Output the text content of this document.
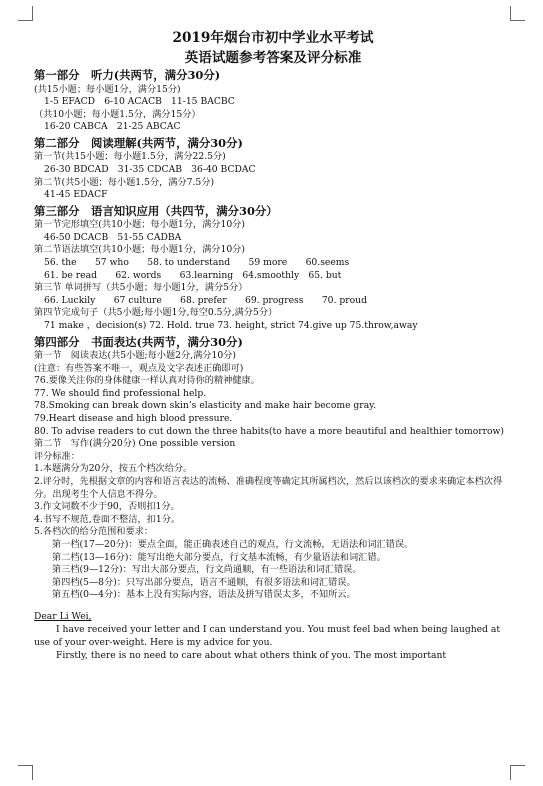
2019年烟台市初中学业水平考试
英语试题参考答案及评分标准
第一部分　听力(共两节，满分30分)
(共15小题；每小题1分，满分15分)
1-5 EFACD　6-10 ACACB　11-15 BACBC
（共10小题；每小题1.5分，满分15分）
16-20 CABCA　21-25 ABCAC
第二部分　阅读理解(共两节，满分30分)
第一节(共15小题；每小题1.5分，满分22.5分)
26-30 BDCAD　31-35 CDCAB　36-40 BCDAC
第二节(共5小题；每小题1.5分，满分7.5分)
41-45 EDACF
第三部分　语言知识应用（共四节，满分30分）
第一节完形填空(共10小题；每小题1分，满分10分)
46-50 DCACB　51-55 CADBA
第二节语法填空(共10小题；每小题1分，满分10分)
56. the　　57 who　　58. to understand　　59 more　　60.seems
61. be read　　62. words　　63.learning　64.smoothly　65. but
第三节 单词拼写（共5小题；每小题1分，满分5分）
66. Luckily　　67 culture　　68. prefer　　69. progress　　70. proud
第四节完成句子（共5小题;每小题1分,每空0.5分,满分5分）
71 make ，decision(s) 72. Hold. true 73. height, strict 74.give up 75.throw,away
第四部分　书面表达(共两节，满分30分)
第一节　阅读表达(共5小题;每小题2分,满分10分)
(注意：有些答案不唯一，观点及文字表述正确即可)
76.要像关注你的身体健康一样认真对待你的精神健康。
77. We should find professional help.
78.Smoking can break down skin’s elasticity and make hair become gray.
79.Heart disease and high blood pressure.
80. To advise readers to cut down the three habits(to have a more beautiful and healthier tomorrow)
第二节　写作(满分20分) One possible version
评分标准：
1.本题满分为20分，按五个档次给分。
2.评分时，先根据文章的内容和语言表达的流畅、准确程度等确定其所属档次，然后以该档次的要求来确定本档次得分。出现考生个人信息不得分。
3.作文词数不少于90，否则扣1分。
4.书写不规范,卷面不整洁，扣1分。
5.各档次的给分范围和要求：
第一档(17—20分)：要点全面，能正确表述自己的观点，行文流畅，无语法和词汇错误。
第二档(13—16分)：能写出绝大部分要点，行文基本流畅，有少量语法和词汇错。
第三档(9—12分)：写出大部分要点，行文尚通顺，有一些语法和词汇错误。
第四档(5—8分)：只写出部分要点，语言不通顺，有很多语法和词汇错误。
第五档(0—4分)：基本上没有实际内容，语法及拼写错误太多，不知所云。
Dear Li Wei,
I have received your letter and I can understand you. You must feel bad when being laughed at use of your over-weight. Here is my advice for you.
Firstly, there is no need to care about what others think of you. The most important
